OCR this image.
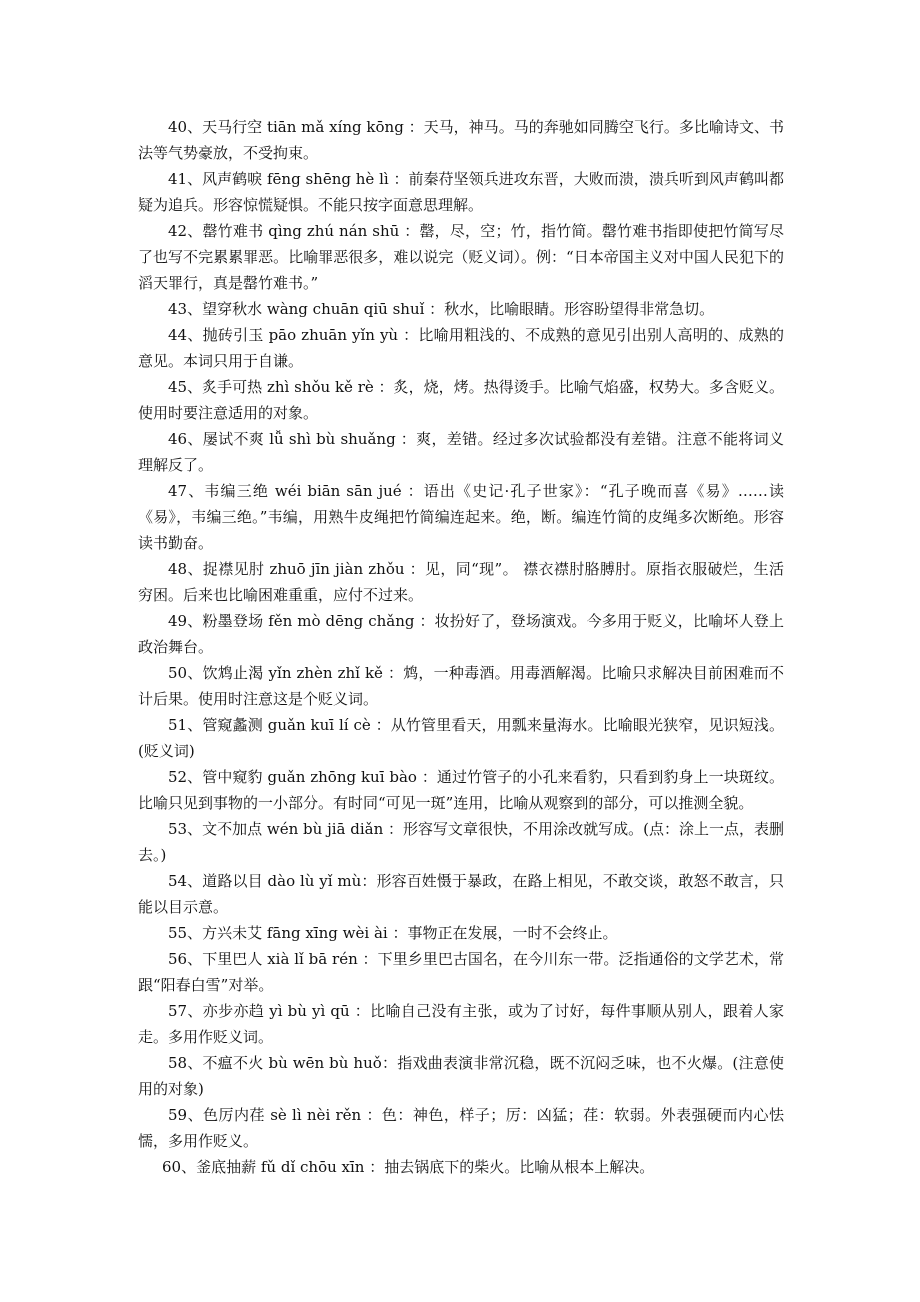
40、天马行空 tiān mǎ xíng kōng ：天马，神马。马的奔驰如同腾空飞行。多比喻诗文、书法等气势豪放，不受拘束。

41、风声鹤唳 fēng shēng hè lì ：前秦苻坚领兵进攻东晋，大败而溃，溃兵听到风声鹤叫都疑为追兵。形容惊慌疑惧。不能只按字面意思理解。

42、罄竹难书 qìng zhú nán shū ：罄，尽，空；竹，指竹简。罄竹难书指即使把竹简写尽了也写不完累累罪恶。比喻罪恶很多，难以说完（贬义词）。例：“日本帝国主义对中国人民犯下的滔天罪行，真是罄竹难书。”

43、望穿秋水 wàng chuān qiū shuǐ ：秋水，比喻眼睛。形容盼望得非常急切。

44、抛砖引玉 pāo zhuān yǐn yù ：比喻用粗浅的、不成熟的意见引出别人高明的、成熟的意见。本词只用于自谦。

45、炙手可热 zhì shǒu kě rè ：炙，烧，烤。热得烫手。比喻气焰盛，权势大。多含贬义。使用时要注意适用的对象。

46、屡试不爽 lǚ shì bù shuǎng ：爽，差错。经过多次试验都没有差错。注意不能将词义理解反了。

47、韦编三绝 wéi biān sān jué ：语出《史记·孔子世家》：“孔子晚而喜《易》……读《易》，韦编三绝。”韦编，用熟牛皮绳把竹简编连起来。绝，断。编连竹简的皮绳多次断绝。形容读书勤奋。

48、捉襟见肘 zhuō jīn jiàn zhǒu ：见，同“现”。 襟衣襟肘胳膊肘。原指衣服破烂，生活穷困。后来也比喻困难重重，应付不过来。

49、粉墨登场 fěn mò dēng chǎng ：妆扮好了，登场演戏。今多用于贬义，比喻坏人登上政治舞台。

50、饮鸩止渴 yǐn zhèn zhǐ kě ：鸩，一种毒酒。用毒酒解渴。比喻只求解决目前困难而不计后果。使用时注意这是个贬义词。

51、管窥蠡测 guǎn kuī lí cè ：从竹管里看天，用瓢来量海水。比喻眼光狭窄，见识短浅。(贬义词)

52、管中窥豹 guǎn zhōng kuī bào ：通过竹管子的小孔来看豹，只看到豹身上一块斑纹。比喻只见到事物的一小部分。有时同“可见一斑”连用，比喻从观察到的部分，可以推测全貌。

53、文不加点 wén bù jiā diǎn ：形容写文章很快，不用涂改就写成。(点：涂上一点，表删去。)

54、道路以目 dào lù yǐ mù：形容百姓慑于暴政，在路上相见，不敢交谈，敢怒不敢言，只能以目示意。

55、方兴未艾 fāng xīng wèi ài ：事物正在发展，一时不会终止。

56、下里巴人 xià lǐ bā rén ：下里乡里巴古国名，在今川东一带。泛指通俗的文学艺术，常跟“阳春白雪”对举。

57、亦步亦趋 yì bù yì qū ：比喻自己没有主张，或为了讨好，每件事顺从别人，跟着人家走。多用作贬义词。

58、不瘟不火 bù wēn bù huǒ：指戏曲表演非常沉稳，既不沉闷乏味，也不火爆。(注意使用的对象)

59、色厉内荏 sè lì nèi rěn ：色：神色，样子；厉：凶猛；荏：软弱。外表强硬而内心怯懦，多用作贬义。

60、釜底抽薪 fǔ dǐ chōu xīn ：抽去锅底下的柴火。比喻从根本上解决。
